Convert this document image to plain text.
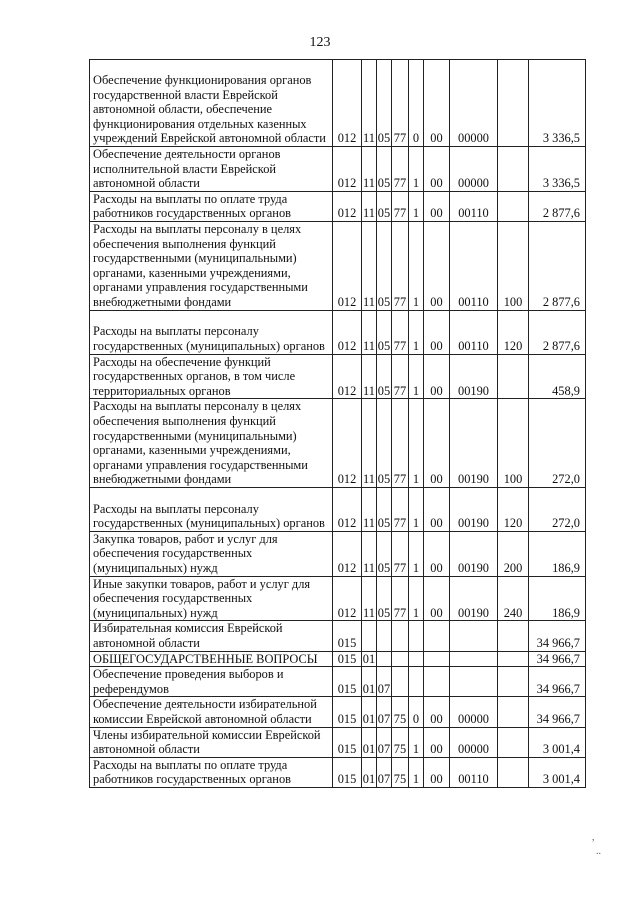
123
Обеспечение функционирования органов государственной власти Еврейской автономной области, обеспечение функционирования отдельных казенных учреждений Еврейской автономной области	012	11	05	77	0	00	00000		3 336,5
Обеспечение деятельности органов исполнительной власти Еврейской автономной области	012	11	05	77	1	00	00000		3 336,5
Расходы на выплаты по оплате труда работников государственных органов	012	11	05	77	1	00	00110		2 877,6
Расходы на выплаты персоналу в целях обеспечения выполнения функций государственными (муниципальными) органами, казенными учреждениями, органами управления государственными внебюджетными фондами	012	11	05	77	1	00	00110	100	2 877,6
Расходы на выплаты персоналу государственных (муниципальных) органов	012	11	05	77	1	00	00110	120	2 877,6
Расходы на обеспечение функций государственных органов, в том числе территориальных органов	012	11	05	77	1	00	00190		458,9
Расходы на выплаты персоналу в целях обеспечения выполнения функций государственными (муниципальными) органами, казенными учреждениями, органами управления государственными внебюджетными фондами	012	11	05	77	1	00	00190	100	272,0
Расходы на выплаты персоналу государственных (муниципальных) органов	012	11	05	77	1	00	00190	120	272,0
Закупка товаров, работ и услуг для обеспечения государственных (муниципальных) нужд	012	11	05	77	1	00	00190	200	186,9
Иные закупки товаров, работ и услуг для обеспечения государственных (муниципальных) нужд	012	11	05	77	1	00	00190	240	186,9
Избирательная комиссия Еврейской автономной области	015								34 966,7
ОБЩЕГОСУДАРСТВЕННЫЕ ВОПРОСЫ	015	01							34 966,7
Обеспечение проведения выборов и референдумов	015	01	07						34 966,7
Обеспечение деятельности избирательной комиссии Еврейской автономной области	015	01	07	75	0	00	00000		34 966,7
Члены избирательной комиссии Еврейской автономной области	015	01	07	75	1	00	00000		3 001,4
Расходы на выплаты по оплате труда работников государственных органов	015	01	07	75	1	00	00110		3 001,4
,
..
